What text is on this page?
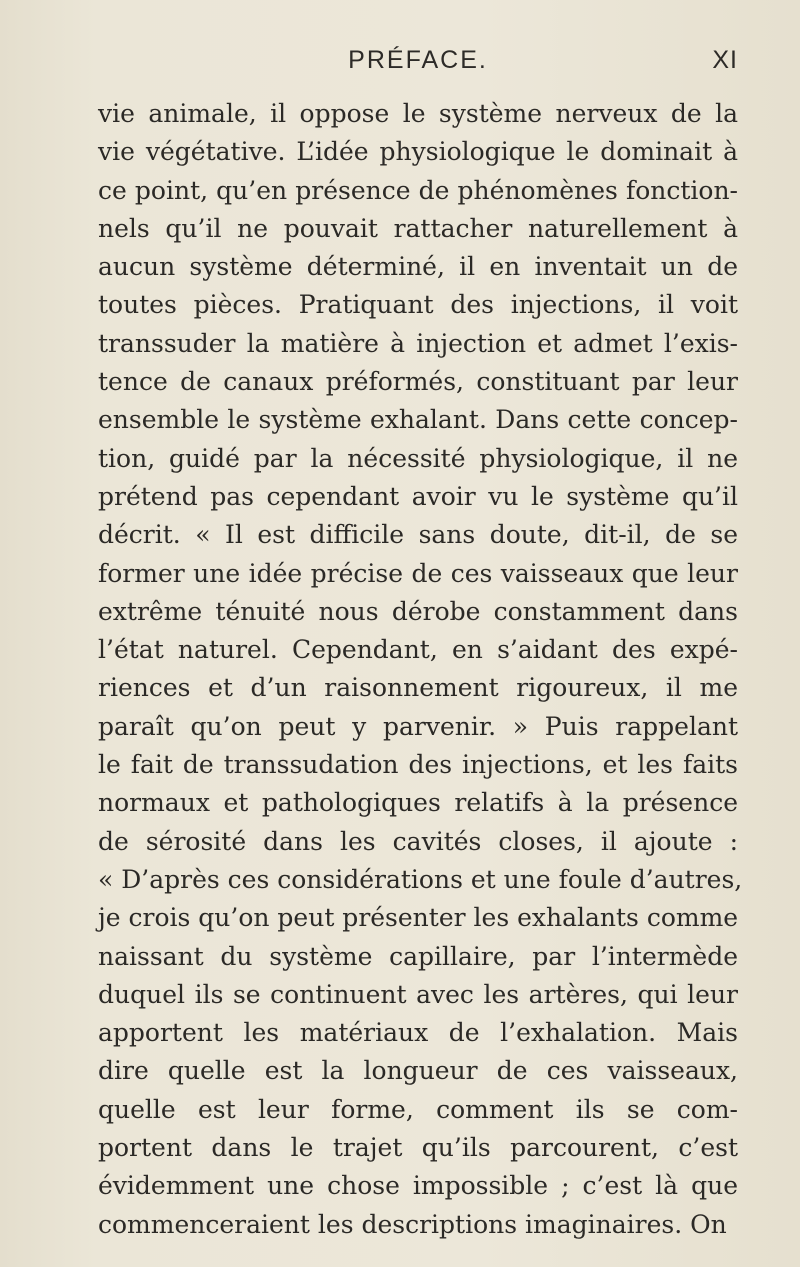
PRÉFACE.	XI
vie animale, il oppose le système nerveux de la
vie végétative. L’idée physiologique le dominait à
ce point, qu’en présence de phénomènes fonction-
nels qu’il ne pouvait rattacher naturellement à
aucun système déterminé, il en inventait un de
toutes pièces. Pratiquant des injections, il voit
transsuder la matière à injection et admet l’exis-
tence de canaux préformés, constituant par leur
ensemble le système exhalant. Dans cette concep-
tion, guidé par la nécessité physiologique, il ne
prétend pas cependant avoir vu le système qu’il
décrit. « Il est difficile sans doute, dit-il, de se
former une idée précise de ces vaisseaux que leur
extrême ténuité nous dérobe constamment dans
l’état naturel. Cependant, en s’aidant des expé-
riences et d’un raisonnement rigoureux, il me
paraît qu’on peut y parvenir. » Puis rappelant
le fait de transsudation des injections, et les faits
normaux et pathologiques relatifs à la présence
de sérosité dans les cavités closes, il ajoute :
« D’après ces considérations et une foule d’autres,
je crois qu’on peut présenter les exhalants comme
naissant du système capillaire, par l’intermède
duquel ils se continuent avec les artères, qui leur
apportent les matériaux de l’exhalation. Mais
dire quelle est la longueur de ces vaisseaux,
quelle est leur forme, comment ils se com-
portent dans le trajet qu’ils parcourent, c’est
évidemment une chose impossible ; c’est là que
commenceraient les descriptions imaginaires. On
